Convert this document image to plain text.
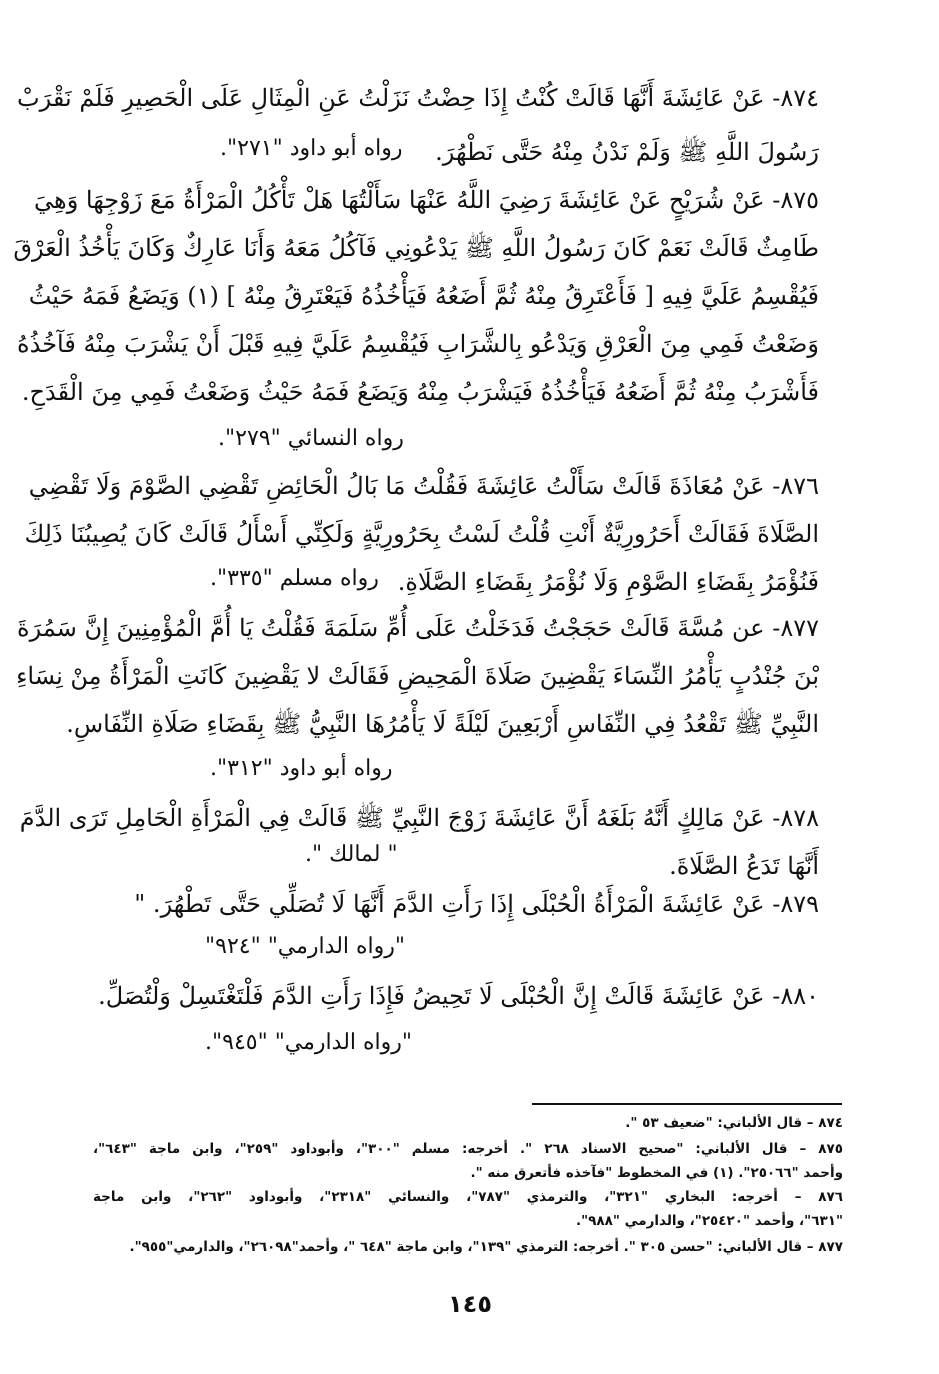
٨٧٤- عَنْ عَائِشَةَ أَنَّهَا قَالَتْ كُنْتُ إِذَا حِضْتُ نَزَلْتُ عَنِ الْمِثَالِ عَلَى الْحَصِيرِ فَلَمْ نَقْرَبْ
رَسُولَ اللَّهِ ﷺ وَلَمْ نَدْنُ مِنْهُ حَتَّى نَطْهُرَ.
رواه أبو داود "٢٧١".
٨٧٥- عَنْ شُرَيْحٍ عَنْ عَائِشَةَ رَضِيَ اللَّهُ عَنْهَا سَأَلْتُهَا هَلْ تَأْكُلُ الْمَرْأَةُ مَعَ زَوْجِهَا وَهِيَ
طَامِثٌ قَالَتْ نَعَمْ كَانَ رَسُولُ اللَّهِ ﷺ يَدْعُونِي فَآكُلُ مَعَهُ وَأَنَا عَارِكٌ وَكَانَ يَأْخُذُ الْعَرْقَ
فَيُقْسِمُ عَلَيَّ فِيهِ [ فَأَعْتَرِقُ مِنْهُ ثُمَّ أَضَعُهُ فَيَأْخُذُهُ فَيَعْتَرِقُ مِنْهُ ] (١) وَيَضَعُ فَمَهُ حَيْثُ
وَضَعْتُ فَمِي مِنَ الْعَرْقِ وَيَدْعُو بِالشَّرَابِ فَيُقْسِمُ عَلَيَّ فِيهِ قَبْلَ أَنْ يَشْرَبَ مِنْهُ فَآخُذُهُ
فَأَشْرَبُ مِنْهُ ثُمَّ أَضَعُهُ فَيَأْخُذُهُ فَيَشْرَبُ مِنْهُ وَيَضَعُ فَمَهُ حَيْثُ وَضَعْتُ فَمِي مِنَ الْقَدَحِ.
رواه النسائي "٢٧٩".
٨٧٦- عَنْ مُعَاذَةَ قَالَتْ سَأَلْتُ عَائِشَةَ فَقُلْتُ مَا بَالُ الْحَائِضِ تَقْضِي الصَّوْمَ وَلَا تَقْضِي
الصَّلَاةَ فَقَالَتْ أَحَرُورِيَّةٌ أَنْتِ قُلْتُ لَسْتُ بِحَرُورِيَّةٍ وَلَكِنِّي أَسْأَلُ قَالَتْ كَانَ يُصِيبُنَا ذَلِكَ
فَنُؤْمَرُ بِقَضَاءِ الصَّوْمِ وَلَا نُؤْمَرُ بِقَضَاءِ الصَّلَاةِ.
رواه مسلم "٣٣٥".
٨٧٧- عن مُسَّةَ قَالَتْ حَجَجْتُ فَدَخَلْتُ عَلَى أُمِّ سَلَمَةَ فَقُلْتُ يَا أُمَّ الْمُؤْمِنِينَ إِنَّ سَمُرَةَ
بْنَ جُنْدُبٍ يَأْمُرُ النِّسَاءَ يَقْضِينَ صَلَاةَ الْمَحِيضِ فَقَالَتْ لا يَقْضِينَ كَانَتِ الْمَرْأَةُ مِنْ نِسَاءِ
النَّبِيِّ ﷺ تَقْعُدُ فِي النِّفَاسِ أَرْبَعِينَ لَيْلَةً لَا يَأْمُرُهَا النَّبِيُّ ﷺ بِقَضَاءِ صَلَاةِ النِّفَاسِ.
رواه أبو داود "٣١٢".
٨٧٨- عَنْ مَالِكٍ أَنَّهُ بَلَغَهُ أَنَّ عَائِشَةَ زَوْجَ النَّبِيِّ ﷺ قَالَتْ فِي الْمَرْأَةِ الْحَامِلِ تَرَى الدَّمَ
أَنَّهَا تَدَعُ الصَّلَاةَ.
" لمالك ".
٨٧٩- عَنْ عَائِشَةَ الْمَرْأَةُ الْحُبْلَى إِذَا رَأَتِ الدَّمَ أَنَّهَا لَا تُصَلِّي حَتَّى تَطْهُرَ. "
"رواه الدارمي" "٩٢٤"
٨٨٠- عَنْ عَائِشَةَ قَالَتْ إِنَّ الْحُبْلَى لَا تَحِيضُ فَإِذَا رَأَتِ الدَّمَ فَلْتَغْتَسِلْ وَلْتُصَلِّ.
"رواه الدارمي" "٩٤٥".
٨٧٤ – قال الألباني: "ضعيف ٥٣ ".
٨٧٥ – قال الألباني: "صحيح الاسناد ٢٦٨ ". أخرجه: مسلم "٣٠٠"، وأبوداود "٢٥٩"، وابن ماجة "٦٤٣"،
وأحمد "٢٥٠٦٦". (١) في المخطوط "فآخذه فأتعرق منه ".
٨٧٦ – أخرجه: البخاري "٣٢١"، والترمذي "٧٨٧"، والنسائي "٢٣١٨"، وأبوداود "٢٦٢"، وابن ماجة
"٦٣١"، وأحمد "٢٥٤٢٠"، والدارمي "٩٨٨".
٨٧٧ – قال الألباني: "حسن ٣٠٥ ". أخرجه: الترمذي "١٣٩"، وابن ماجة "٦٤٨ "، وأحمد"٢٦٠٩٨"، والدارمي"٩٥٥".
١٤٥
